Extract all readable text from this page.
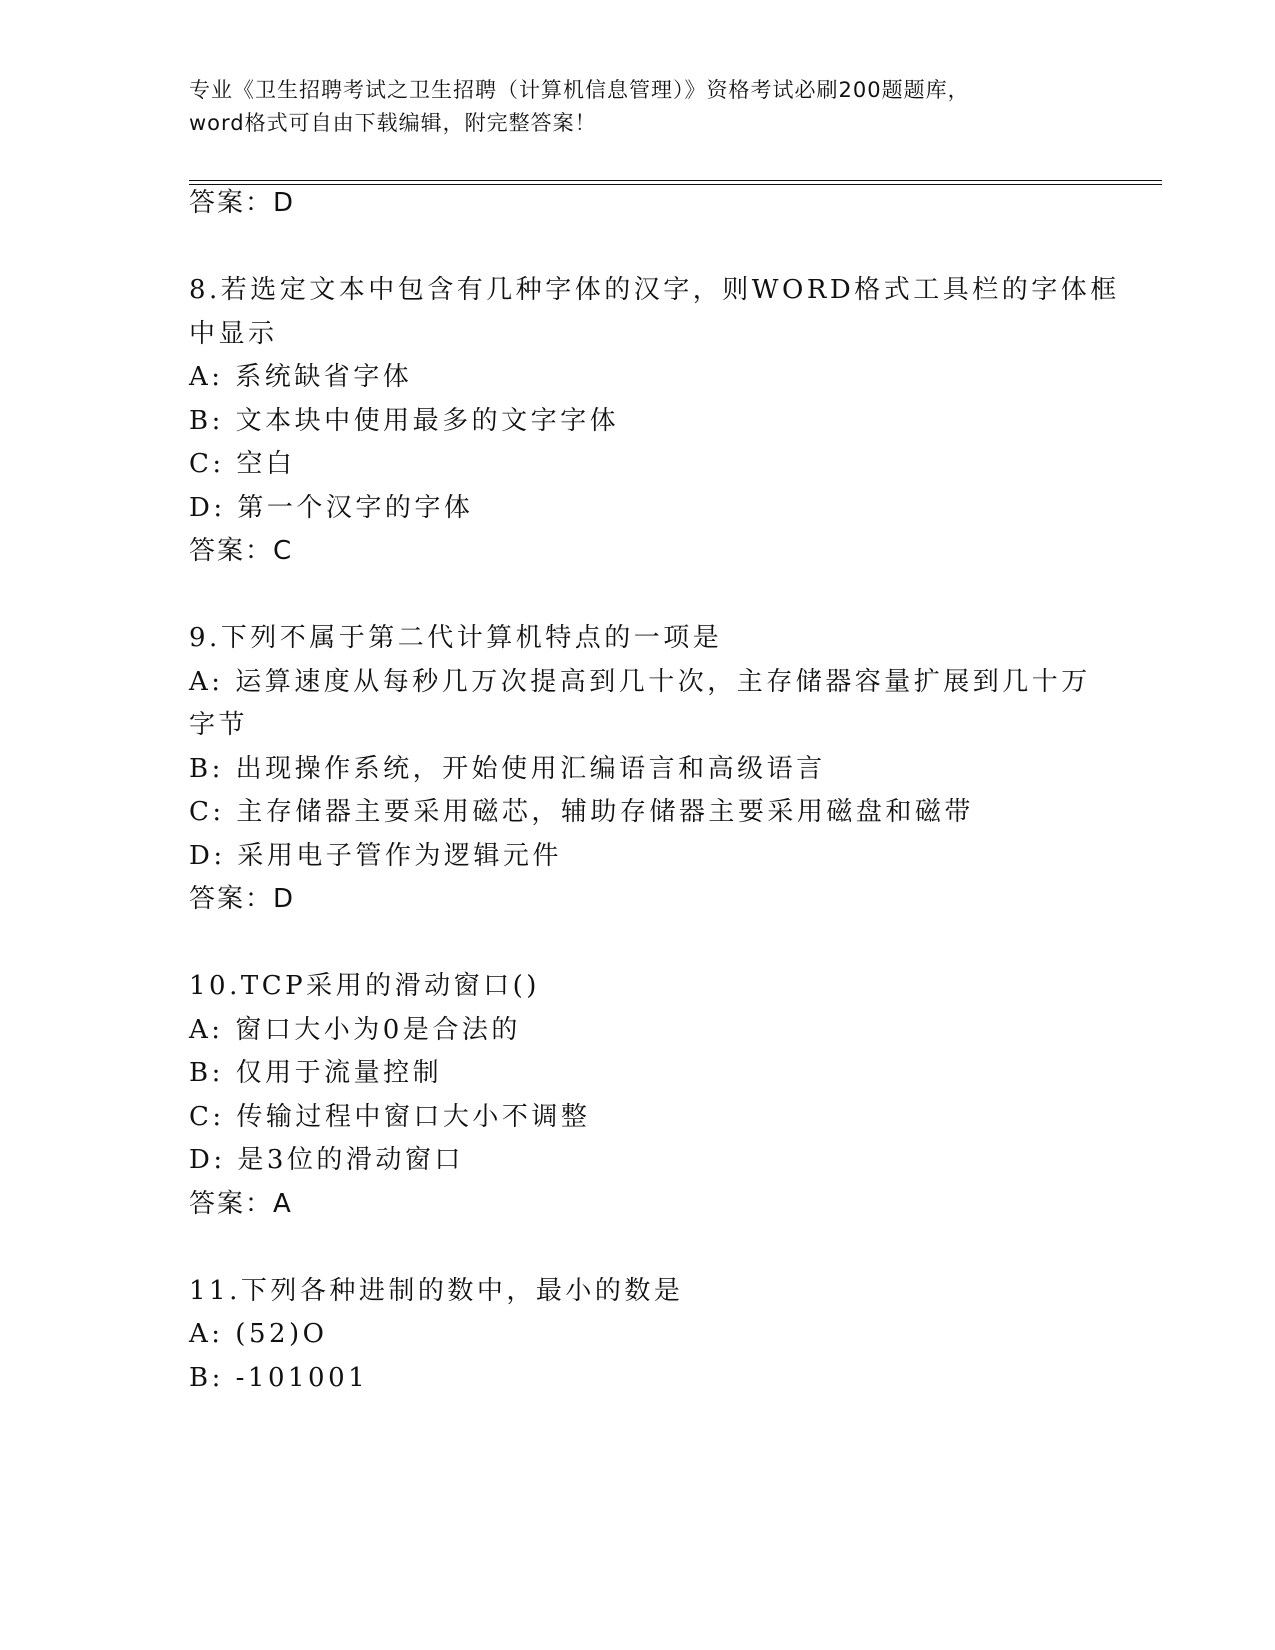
专业《卫生招聘考试之卫生招聘（计算机信息管理）》资格考试必刷200题题库，
word格式可自由下载编辑，附完整答案！
答案：D
8.若选定文本中包含有几种字体的汉字，则WORD格式工具栏的字体框
中显示
A: 系统缺省字体
B: 文本块中使用最多的文字字体
C: 空白
D: 第一个汉字的字体
答案：C
9.下列不属于第二代计算机特点的一项是
A: 运算速度从每秒几万次提高到几十次，主存储器容量扩展到几十万
字节
B: 出现操作系统，开始使用汇编语言和高级语言
C: 主存储器主要采用磁芯，辅助存储器主要采用磁盘和磁带
D: 采用电子管作为逻辑元件
答案：D
10.TCP采用的滑动窗口()
A: 窗口大小为0是合法的
B: 仅用于流量控制
C: 传输过程中窗口大小不调整
D: 是3位的滑动窗口
答案：A
11.下列各种进制的数中，最小的数是
A: (52)O
B: -101001
